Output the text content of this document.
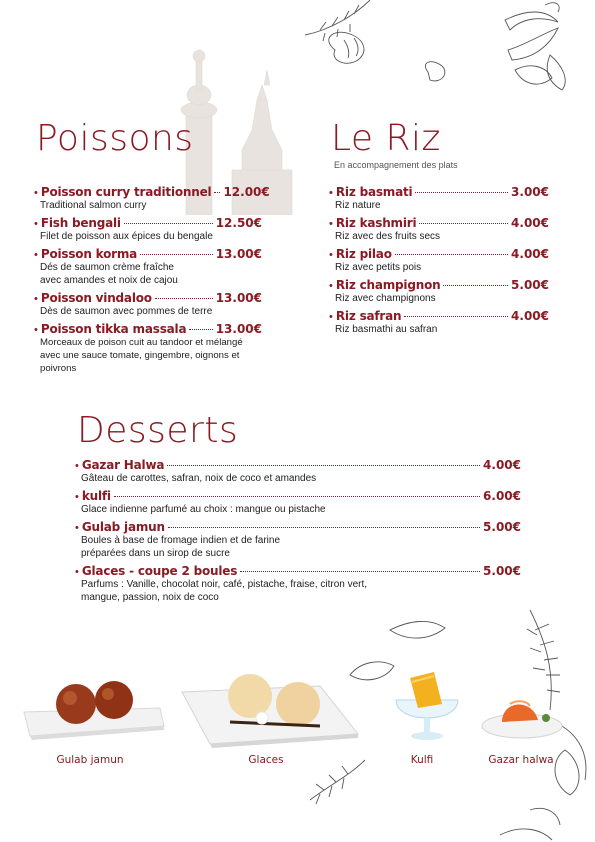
Poissons	Le Riz
En accompagnement des plats
Desserts
• Poisson curry traditionnel 12.00€
Traditional salmon curry
• Fish bengali	12.50€
Filet de poisson aux épices du bengale
• Poisson korma	13.00€
Dés de saumon crème fraîche
avec amandes et noix de cajou
• Poisson vindaloo	13.00€
Dès de saumon avec pommes de terre
• Poisson tikka massala 13.00€
Morceaux de poison cuit au tandoor et mélangé
avec une sauce tomate, gingembre, oignons et poivrons
• Riz basmati	3.00€
Riz nature
• Riz kashmiri	4.00€
Riz avec des fruits secs
• Riz pilao	4.00€
Riz avec petits pois
• Riz champignon	5.00€
Riz avec champignons
• Riz safran	4.00€
Riz basmathi au safran
• Gazar Halwa	4.00€
Gâteau de carottes, safran, noix de coco et amandes
• kulfi	6.00€
Glace indienne parfumé au choix : mangue ou pistache
• Gulab jamun	5.00€
Boules à base de fromage indien et de farine
préparées dans un sirop de sucre
• Glaces - coupe 2 boules	5.00€
Parfums : Vanille, chocolat noir, café, pistache, fraise, citron vert,
mangue, passion, noix de coco
Gulab jamun	Glaces	Kulfi	Gazar halwa
